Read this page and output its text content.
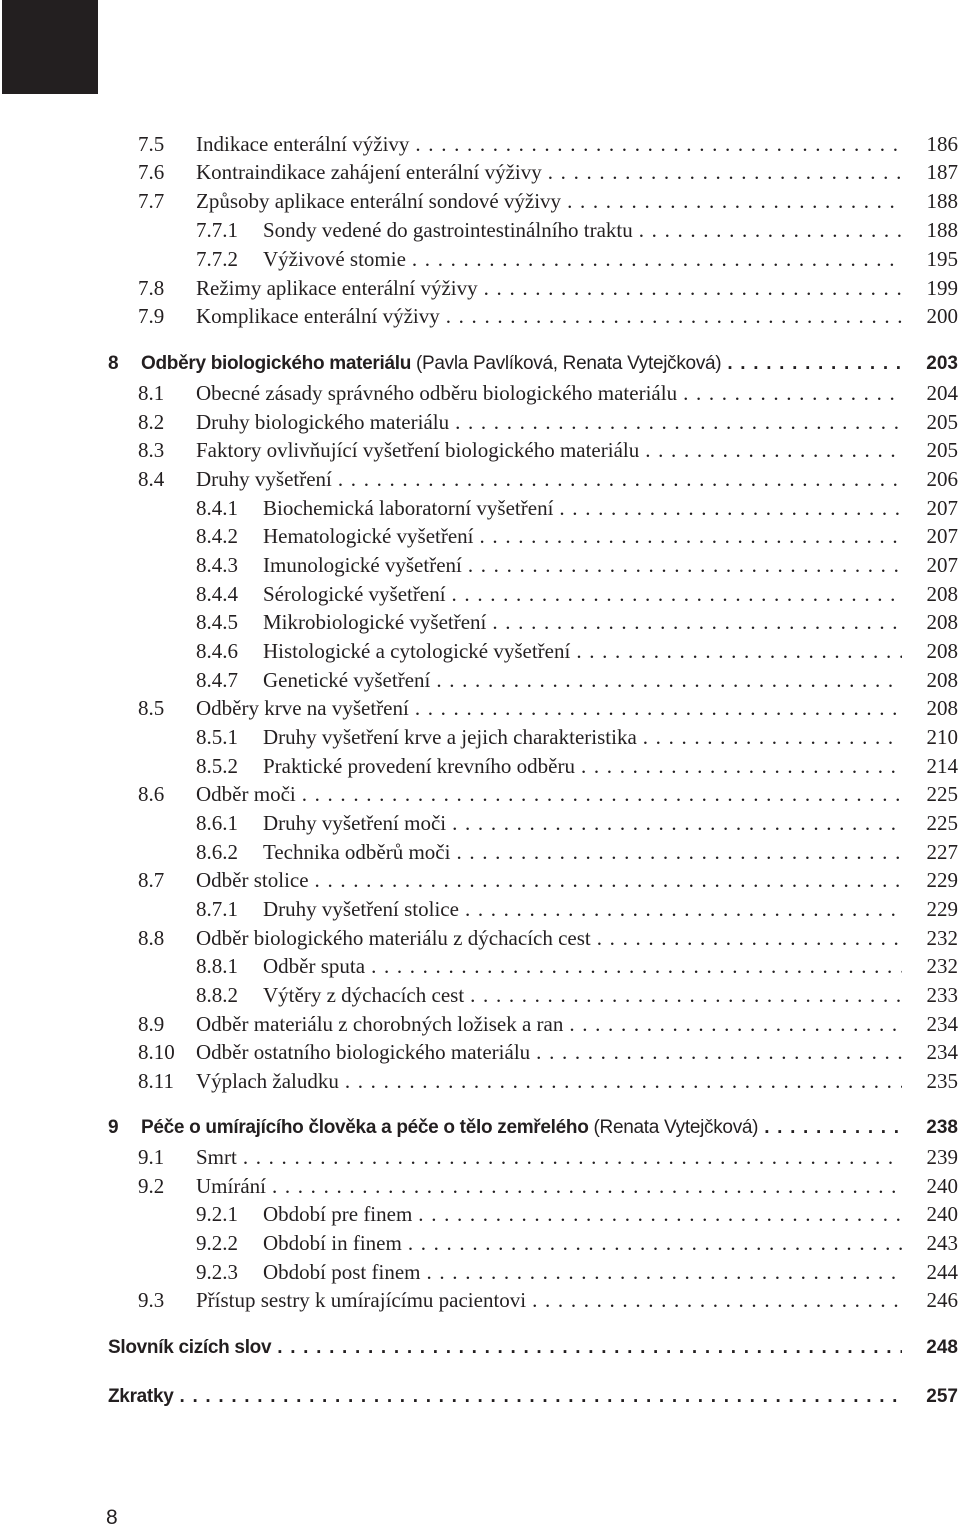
7.5 Indikace enterální výživy . . .	186
7.6 Kontraindikace zahájení enterální výživy . . .	187
7.7 Způsoby aplikace enterální sondové výživy . . .	188
7.7.1 Sondy vedené do gastrointestinálního traktu . . .	188
7.7.2 Výživové stomie . . .	195
7.8 Režimy aplikace enterální výživy . . .	199
7.9 Komplikace enterální výživy . . .	200
8 Odběry biologického materiálu (Pavla Pavlíková, Renata Vytejčková) . . .	203
8.1 Obecné zásady správného odběru biologického materiálu . . .	204
8.2 Druhy biologického materiálu . . .	205
8.3 Faktory ovlivňující vyšetření biologického materiálu . . .	205
8.4 Druhy vyšetření . . .	206
8.4.1 Biochemická laboratorní vyšetření . . .	207
8.4.2 Hematologické vyšetření . . .	207
8.4.3 Imunologické vyšetření . . .	207
8.4.4 Sérologické vyšetření . . .	208
8.4.5 Mikrobiologické vyšetření . . .	208
8.4.6 Histologické a cytologické vyšetření . . .	208
8.4.7 Genetické vyšetření . . .	208
8.5 Odběry krve na vyšetření . . .	208
8.5.1 Druhy vyšetření krve a jejich charakteristika . . .	210
8.5.2 Praktické provedení krevního odběru . . .	214
8.6 Odběr moči . . .	225
8.6.1 Druhy vyšetření moči . . .	225
8.6.2 Technika odběrů moči . . .	227
8.7 Odběr stolice . . .	229
8.7.1 Druhy vyšetření stolice . . .	229
8.8 Odběr biologického materiálu z dýchacích cest . . .	232
8.8.1 Odběr sputa . . .	232
8.8.2 Výtěry z dýchacích cest . . .	233
8.9 Odběr materiálu z chorobných ložisek a ran . . .	234
8.10 Odběr ostatního biologického materiálu . . .	234
8.11 Výplach žaludku . . .	235
9 Péče o umírajícího člověka a péče o tělo zemřelého (Renata Vytejčková) . . .	238
9.1 Smrt . . .	239
9.2 Umírání . . .	240
9.2.1 Období pre finem . . .	240
9.2.2 Období in finem . . .	243
9.2.3 Období post finem . . .	244
9.3 Přístup sestry k umírajícímu pacientovi . . .	246
Slovník cizích slov . . .	248
Zkratky . . .	257
8
